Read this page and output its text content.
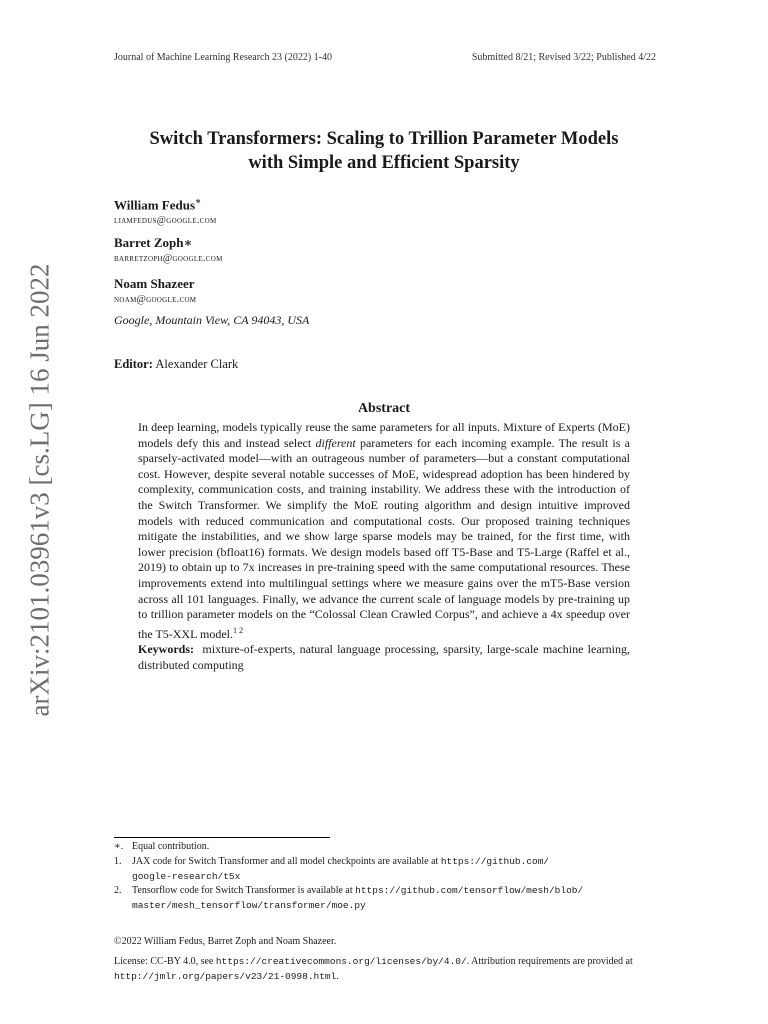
Journal of Machine Learning Research 23 (2022) 1-40	Submitted 8/21; Revised 3/22; Published 4/22
Switch Transformers: Scaling to Trillion Parameter Models
with Simple and Efficient Sparsity
William Fedus∗
liamfedus@google.com
Barret Zoph∗
barretzoph@google.com
Noam Shazeer
noam@google.com
Google, Mountain View, CA 94043, USA
Editor: Alexander Clark
Abstract

In deep learning, models typically reuse the same parameters for all inputs. Mixture of Experts (MoE) models defy this and instead select different parameters for each incoming example. The result is a sparsely-activated model—with an outrageous number of parameters—but a constant computational cost. However, despite several notable successes of MoE, widespread adoption has been hindered by complexity, communication costs, and training instability. We address these with the introduction of the Switch Transformer. We simplify the MoE routing algorithm and design intuitive improved models with reduced communication and computational costs. Our proposed training techniques mitigate the instabilities, and we show large sparse models may be trained, for the first time, with lower precision (bfloat16) formats. We design models based off T5-Base and T5-Large (Raffel et al., 2019) to obtain up to 7x increases in pre-training speed with the same computational resources. These improvements extend into multilingual settings where we measure gains over the mT5-Base version across all 101 languages. Finally, we advance the current scale of language models by pre-training up to trillion parameter models on the “Colossal Clean Crawled Corpus”, and achieve a 4x speedup over the T5-XXL model.$^{1 2}$

Keywords: mixture-of-experts, natural language processing, sparsity, large-scale machine learning, distributed computing

arXiv:2101.03961v3 [cs.LG] 16 Jun 2022
∗. Equal contribution.
1. JAX code for Switch Transformer and all model checkpoints are available at https://github.com/
google-research/t5x
2. Tensorflow code for Switch Transformer is available at https://github.com/tensorflow/mesh/blob/
master/mesh_tensorflow/transformer/moe.py
©2022 William Fedus, Barret Zoph and Noam Shazeer.
License: CC-BY 4.0, see https://creativecommons.org/licenses/by/4.0/. Attribution requirements are provided at http://jmlr.org/papers/v23/21-0998.html.
